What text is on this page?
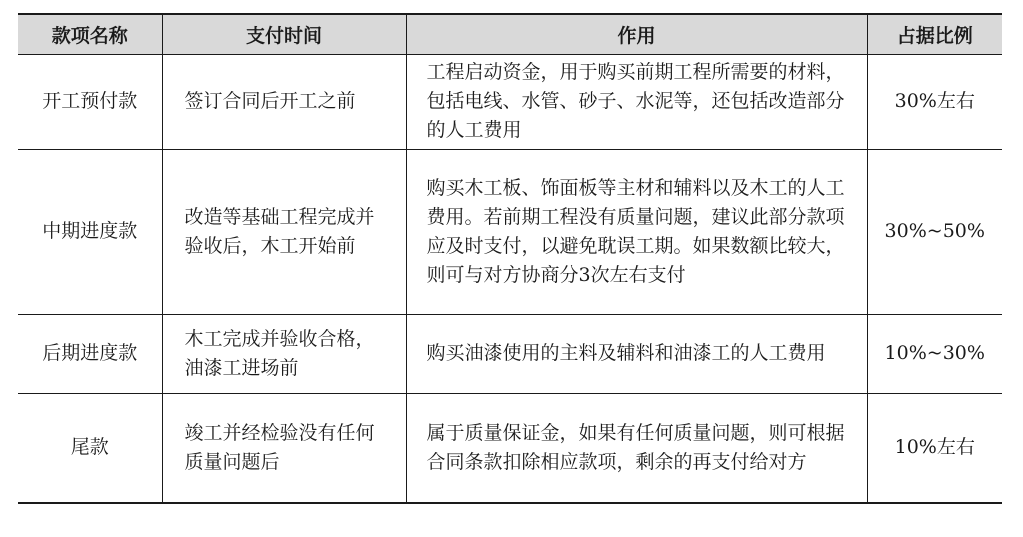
款项名称	支付时间	作用	占据比例
开工预付款	签订合同后开工之前	工程启动资金，用于购买前期工程所需要的材料，包括电线、水管、砂子、水泥等，还包括改造部分的人工费用	30%左右
中期进度款	改造等基础工程完成并验收后，木工开始前	购买木工板、饰面板等主材和辅料以及木工的人工费用。若前期工程没有质量问题，建议此部分款项应及时支付，以避免耽误工期。如果数额比较大，则可与对方协商分3次左右支付	30%~50%
后期进度款	木工完成并验收合格，油漆工进场前	购买油漆使用的主料及辅料和油漆工的人工费用	10%~30%
尾款	竣工并经检验没有任何质量问题后	属于质量保证金，如果有任何质量问题，则可根据合同条款扣除相应款项，剩余的再支付给对方	10%左右
